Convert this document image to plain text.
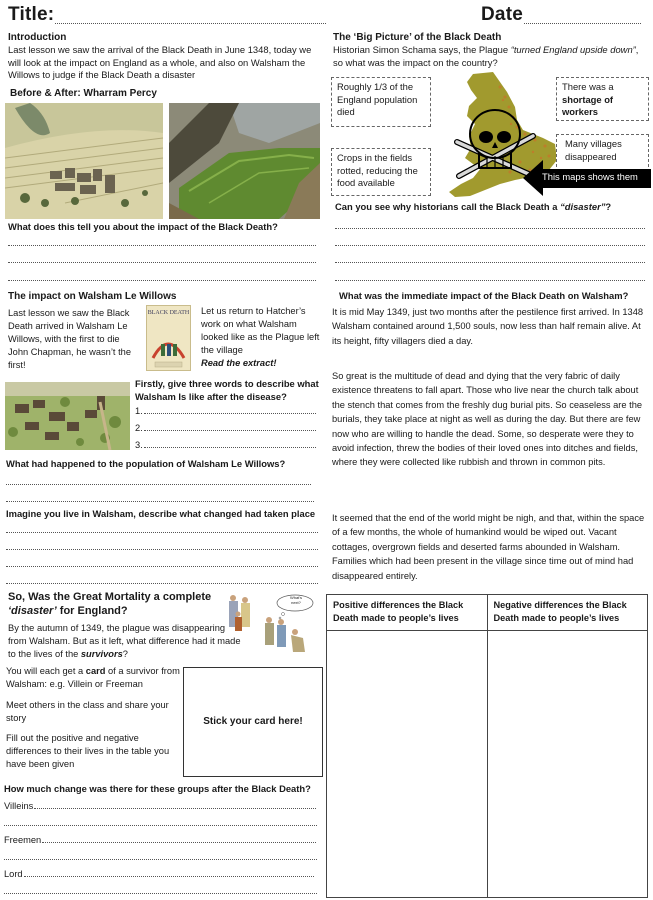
Title:	Date
Introduction
Last lesson we saw the arrival of the Black Death in June 1348, today we will look at the impact on England as a whole, and also on Walsham the Willows to judge if the Black Death a disaster
Before & After: Wharram Percy
What does this tell you about the impact of the Black Death?
The ‘Big Picture’ of the Black Death
Historian Simon Schama says, the Plague “turned England upside down”, so what was the impact on the country?
Roughly 1/3 of the England population died
Crops in the fields rotted, reducing the food available
There was a
shortage of workers
Many villages disappeared
This maps shows them
Can you see why historians call the Black Death a “disaster”?
The impact on Walsham Le Willows
Last lesson we saw the Black Death arrived in Walsham Le Willows, with the first to die John Chapman, he wasn’t the first!
BLACK DEATH Let us return to Hatcher’s work on what Walsham looked like as the Plague left the village
Read the extract!
Firstly, give three words to describe what Walsham Is like after the disease?
1.
2.
3.
What had happened to the population of Walsham Le Willows?
Imagine you live in Walsham, describe what changed had taken place
So, Was the Great Mortality a complete
‘disaster’ for England?
By the autumn of 1349, the plague was disappearing from Walsham. But as it left, what difference had it made to the lives of the survivors?
What's next?
You will each get a card of a survivor from Walsham: e.g. Villein or Freeman
Meet others in the class and share your story
Fill out the positive and negative differences to their lives in the table you have been given
Stick your card here!
How much change was there for these groups after the Black Death?
Villeins
Freemen
Lord
What was the immediate impact of the Black Death on Walsham?
It is mid May 1349, just two months after the pestilence first arrived. In 1348 Walsham contained around 1,500 souls, now less than half remain alive. At its height, fifty villagers died a day.
So great is the multitude of dead and dying that the very fabric of daily existence threatens to fall apart. Those who live near the church talk about the stench that comes from the freshly dug burial pits. So ceaseless are the burials, they take place at night as well as during the day. But there are few now who are willing to handle the dead. Some, so desperate were they to avoid infection, threw the bodies of their loved ones into ditches and fields, where they were collected like rubbish and thrown in common pits.
It seemed that the end of the world might be nigh, and that, within the space of a few months, the whole of humankind would be wiped out. Vacant cottages, overgrown fields and deserted farms abounded in Walsham. Families which had been present in the village since time out of mind had disappeared entirely.
Positive differences the Black Death made to people’s lives	Negative differences the Black Death made to people’s lives
